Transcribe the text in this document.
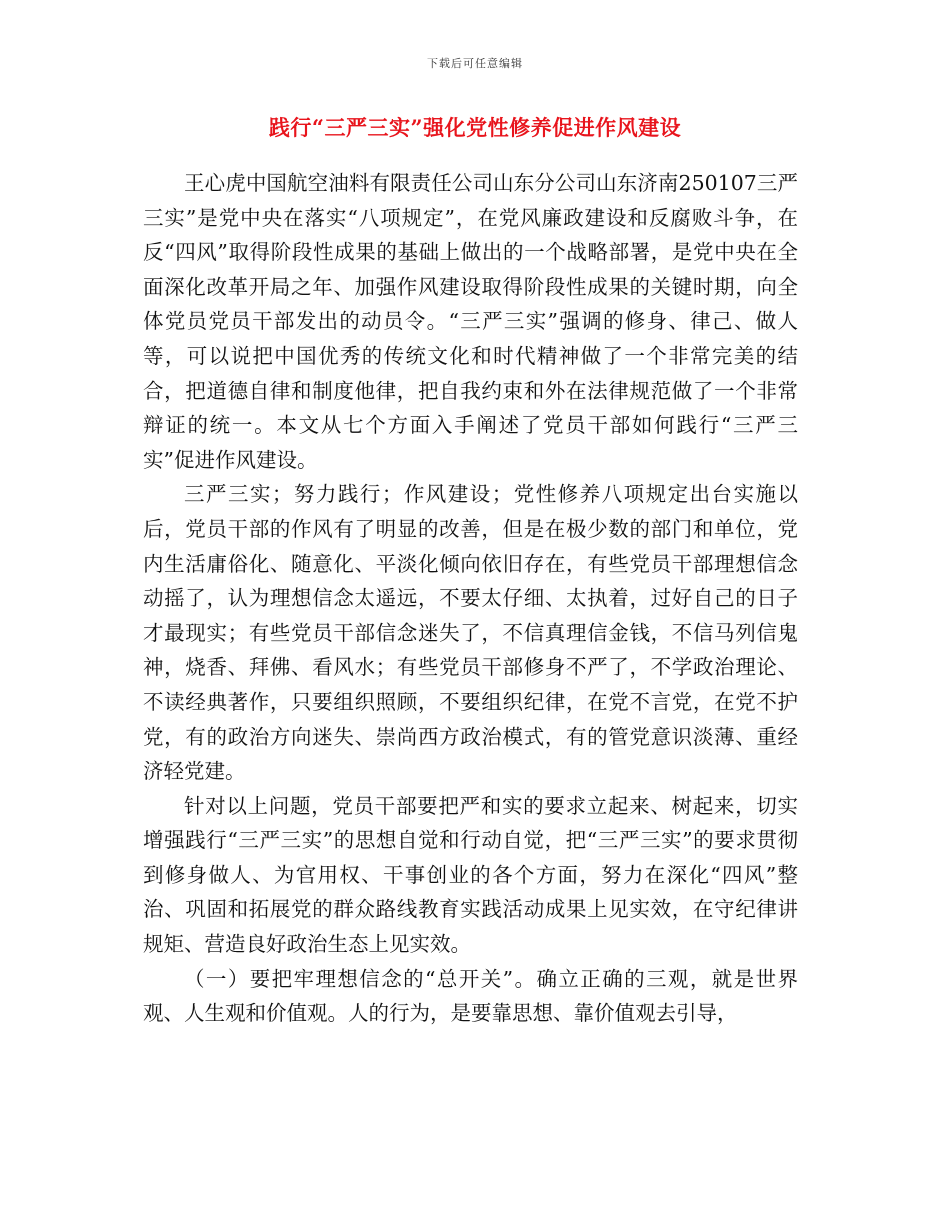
下载后可任意编辑
践行“三严三实”强化党性修养促进作风建设

王心虎中国航空油料有限责任公司山东分公司山东济南250107三严三实”是党中央在落实“八项规定”，在党风廉政建设和反腐败斗争，在反“四风”取得阶段性成果的基础上做出的一个战略部署，是党中央在全面深化改革开局之年、加强作风建设取得阶段性成果的关键时期，向全体党员党员干部发出的动员令。“三严三实”强调的修身、律己、做人等，可以说把中国优秀的传统文化和时代精神做了一个非常完美的结合，把道德自律和制度他律，把自我约束和外在法律规范做了一个非常辩证的统一。本文从七个方面入手阐述了党员干部如何践行“三严三实”促进作风建设。

三严三实；努力践行；作风建设；党性修养八项规定出台实施以后，党员干部的作风有了明显的改善，但是在极少数的部门和单位，党内生活庸俗化、随意化、平淡化倾向依旧存在，有些党员干部理想信念动摇了，认为理想信念太遥远，不要太仔细、太执着，过好自己的日子才最现实；有些党员干部信念迷失了，不信真理信金钱，不信马列信鬼神，烧香、拜佛、看风水；有些党员干部修身不严了，不学政治理论、不读经典著作，只要组织照顾，不要组织纪律，在党不言党，在党不护党，有的政治方向迷失、崇尚西方政治模式，有的管党意识淡薄、重经济轻党建。

针对以上问题，党员干部要把严和实的要求立起来、树起来，切实增强践行“三严三实”的思想自觉和行动自觉，把“三严三实”的要求贯彻到修身做人、为官用权、干事创业的各个方面，努力在深化“四风”整治、巩固和拓展党的群众路线教育实践活动成果上见实效，在守纪律讲规矩、营造良好政治生态上见实效。

（一）要把牢理想信念的“总开关”。确立正确的三观，就是世界观、人生观和价值观。人的行为，是要靠思想、靠价值观去引导，
